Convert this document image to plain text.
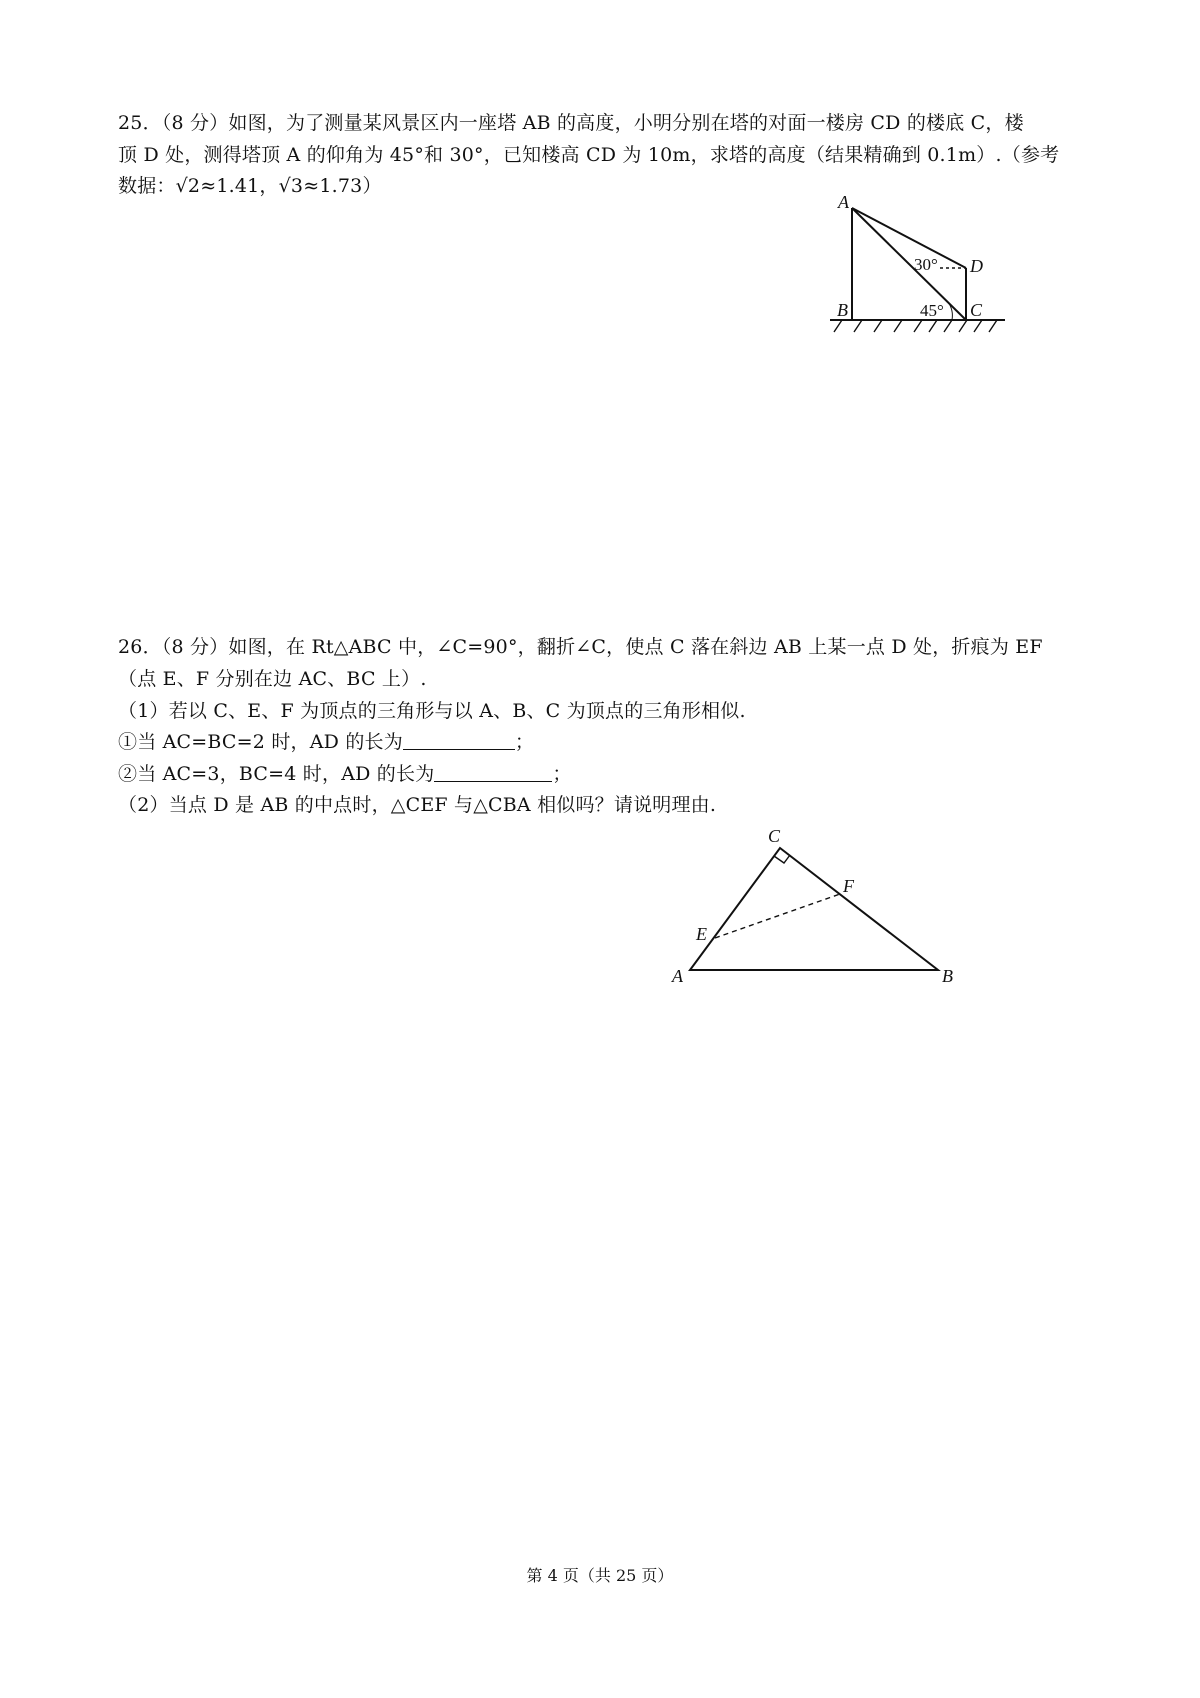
25．（8 分）如图，为了测量某风景区内一座塔 AB 的高度，小明分别在塔的对面一楼房 CD 的楼底 C，楼
顶 D 处，测得塔顶 A 的仰角为 45°和 30°，已知楼高 CD 为 10m，求塔的高度（结果精确到 0.1m）.（参考
数据：√2≈1.41，√3≈1.73）
A
B	C
D
30°
45°
26．（8 分）如图，在 Rt△ABC 中，∠C=90°，翻折∠C，使点 C 落在斜边 AB 上某一点 D 处，折痕为 EF
（点 E、F 分别在边 AC、BC 上）.
（1）若以 C、E、F 为顶点的三角形与以 A、B、C 为顶点的三角形相似.
①当 AC=BC=2 时，AD 的长为	；
②当 AC=3，BC=4 时，AD 的长为	；
（2）当点 D 是 AB 的中点时，△CEF 与△CBA 相似吗？请说明理由.
A	B
C
E
F
第 4 页（共 25 页）
